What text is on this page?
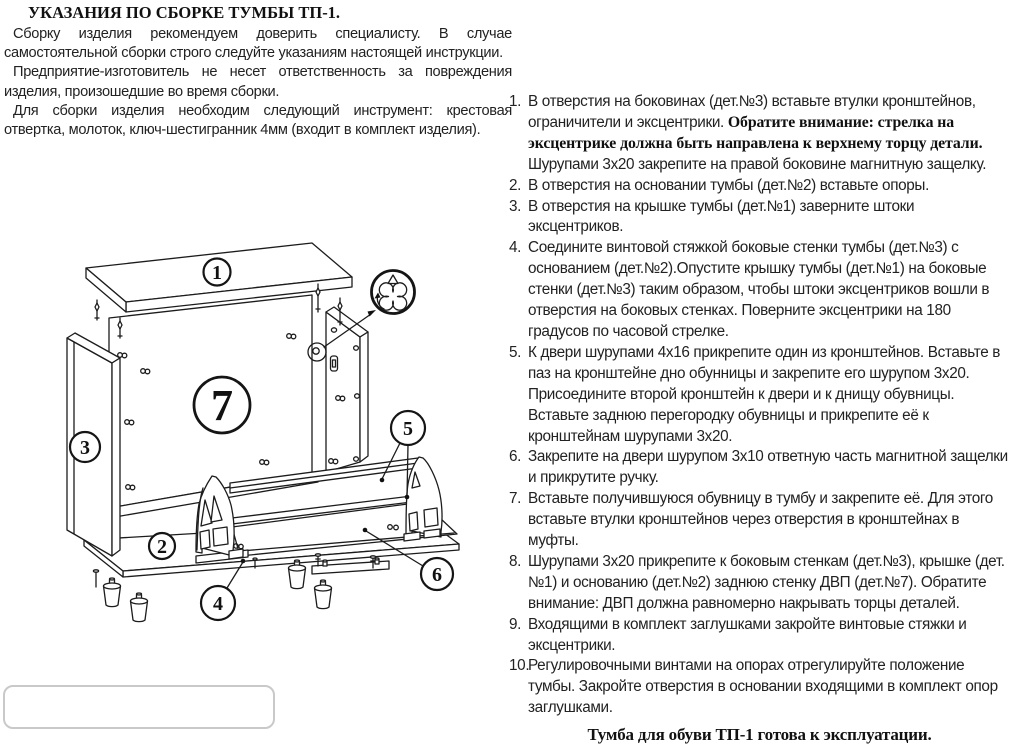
УКАЗАНИЯ ПО СБОРКЕ ТУМБЫ ТП-1.

Сборку изделия рекомендуем доверить специалисту. В случае самостоятельной сборки строго следуйте указаниям настоящей инструкции.

Предприятие-изготовитель не несет ответственность за повреждения изделия, произошедшие во время сборки.

Для сборки изделия необходим следующий инструмент: крестовая отвертка, молоток, ключ-шестигранник 4мм (входит в комплект изделия).

1
2
3
4
5
6
7
1. В отверстия на боковинах (дет.№3) вставьте втулки кронштейнов, ограничители и эксцентрики. Обратите внимание: стрелка на эксцентрике должна быть направлена к верхнему торцу детали. Шурупами 3х20 закрепите на правой боковине магнитную защелку.
2. В отверстия на основании тумбы (дет.№2) вставьте опоры.
3. В отверстия на крышке тумбы (дет.№1) заверните штоки эксцентриков.
4. Соедините винтовой стяжкой боковые стенки тумбы (дет.№3) с основанием (дет.№2).Опустите крышку тумбы (дет.№1) на боковые стенки (дет.№3) таким образом, чтобы штоки эксцентриков вошли в отверстия на боковых стенках. Поверните эксцентрики на 180 градусов по часовой стрелке.
5. К двери шурупами 4х16 прикрепите один из кронштейнов. Вставьте в паз на кронштейне дно обунницы и закрепите его шурупом 3х20. Присоедините второй кронштейн к двери и к днищу обувницы. Вставьте заднюю перегородку обувницы и прикрепите её к кронштейнам шурупами 3х20.
6. Закрепите на двери шурупом 3х10 ответную часть магнитной защелки и прикрутите ручку.
7. Вставьте получившуюся обувницу в тумбу и закрепите её. Для этого вставьте втулки кронштейнов через отверстия в кронштейнах в муфты.
8. Шурупами 3х20 прикрепите к боковым стенкам (дет.№3), крышке (дет.№1) и основанию (дет.№2) заднюю стенку ДВП (дет.№7). Обратите внимание: ДВП должна равномерно накрывать торцы деталей.
9. Входящими в комплект заглушками закройте винтовые стяжки и эксцентрики.
10.
Регулировочными винтами на опорах отрегулируйте положение тумбы. Закройте отверстия в основании входящими в комплект опор заглушками.
Тумба для обуви ТП-1 готова к эксплуатации.
